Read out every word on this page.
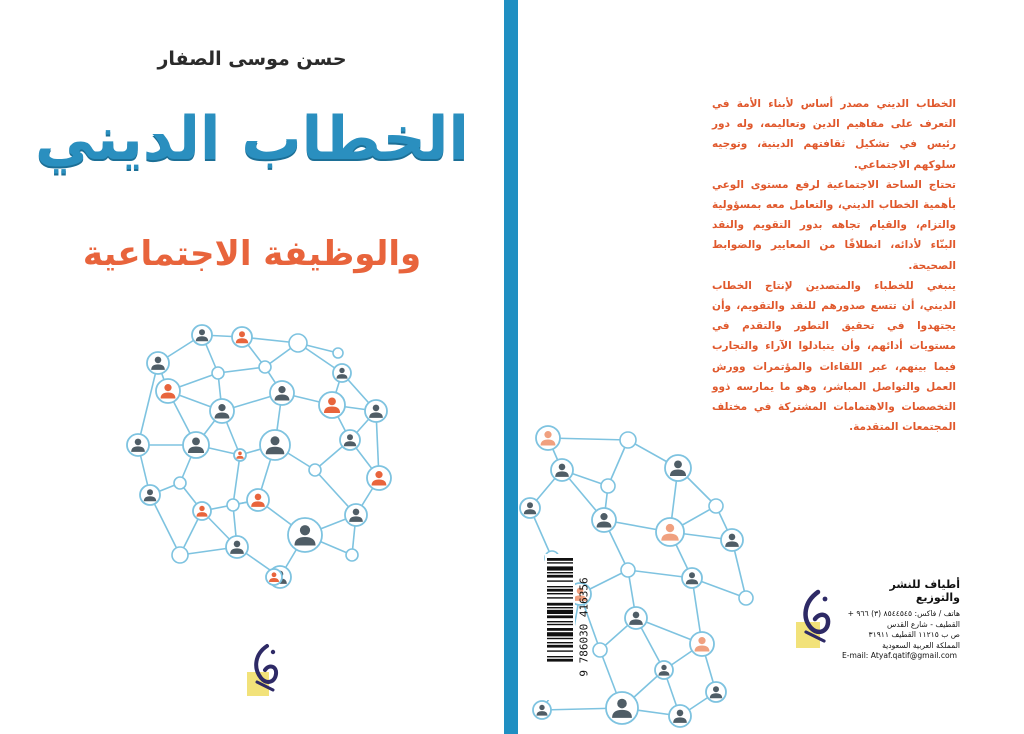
حسن موسى الصفار
الخطاب الديني
والوظيفة الاجتماعية

الخطاب الديني مصدر أساس لأبناء الأمة في التعرف على مفاهيم الدين وتعاليمه، وله دور رئيس في تشكيل ثقافتهم الدينية، وتوجيه سلوكهم الاجتماعي.

تحتاج الساحة الاجتماعية لرفع مستوى الوعي بأهمية الخطاب الديني، والتعامل معه بمسؤولية والتزام، والقيام تجاهه بدور التقويم والنقد البنّاء لأدائه، انطلاقًا من المعايير والضوابط الصحيحة.

ينبغي للخطباء والمتصدين لإنتاج الخطاب الديني، أن تتسع صدورهم للنقد والتقويم، وأن يجتهدوا في تحقيق التطور والتقدم في مستويات أدائهم، وأن يتبادلوا الآراء والتجارب فيما بينهم، عبر اللقاءات والمؤتمرات وورش العمل والتواصل المباشر، وهو ما يمارسه ذوو التخصصات والاهتمامات المشتركة في مختلف المجتمعات المتقدمة.

9 786030 416356	أطياف للنشر والتوزيع
هاتف / فاكس: ٨٥٤٤٥٤٥ (٣) ٩٦٦ +
القطيف - شارع القدس
ص ب ١١٢١٥ القطيف ٣١٩١١
المملكة العربية السعودية
E-mail: Atyaf.qatif@gmail.com
